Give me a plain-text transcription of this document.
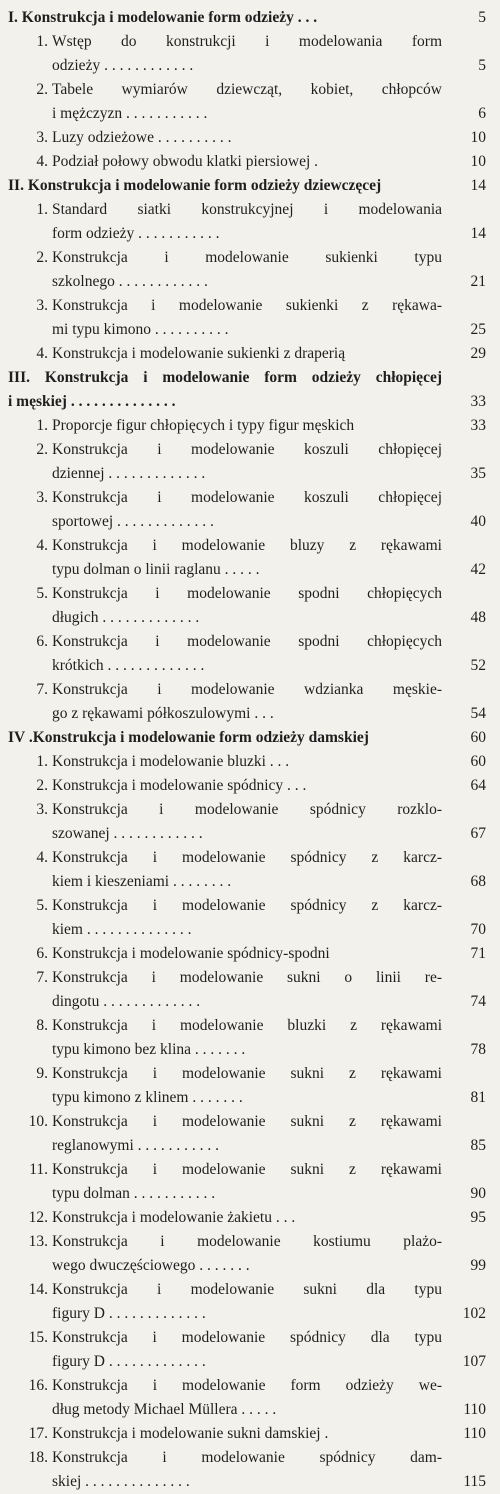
I. Konstrukcja i modelowanie form odzieży . . .	5
1. Wstęp do konstrukcji i modelowania form
odzieży . . . . . . . . . . . .	5
2. Tabele wymiarów dziewcząt, kobiet, chłopców
i mężczyzn . . . . . . . . . . .	6
3. Luzy odzieżowe . . . . . . . . . .	10
4. Podział połowy obwodu klatki piersiowej .	10
II. Konstrukcja i modelowanie form odzieży dziewczęcej	14
1. Standard siatki konstrukcyjnej i modelowania
form odzieży . . . . . . . . . . .	14
2. Konstrukcja i modelowanie sukienki typu
szkolnego . . . . . . . . . . . .	21
3. Konstrukcja i modelowanie sukienki z rękawa-
mi typu kimono . . . . . . . . . .	25
4. Konstrukcja i modelowanie sukienki z draperią	29
III. Konstrukcja i modelowanie form odzieży chłopięcej
i męskiej . . . . . . . . . . . . . .	33
1. Proporcje figur chłopięcych i typy figur męskich	33
2. Konstrukcja i modelowanie koszuli chłopięcej
dziennej . . . . . . . . . . . . .	35
3. Konstrukcja i modelowanie koszuli chłopięcej
sportowej . . . . . . . . . . . . .	40
4. Konstrukcja i modelowanie bluzy z rękawami
typu dolman o linii raglanu . . . . .	42
5. Konstrukcja i modelowanie spodni chłopięcych
długich . . . . . . . . . . . . .	48
6. Konstrukcja i modelowanie spodni chłopięcych
krótkich . . . . . . . . . . . . .	52
7. Konstrukcja i modelowanie wdzianka męskie-
go z rękawami półkoszulowymi . . .	54
IV .Konstrukcja i modelowanie form odzieży damskiej	60
1. Konstrukcja i modelowanie bluzki . . .	60
2. Konstrukcja i modelowanie spódnicy . . .	64
3. Konstrukcja i modelowanie spódnicy rozklo-
szowanej . . . . . . . . . . . .	67
4. Konstrukcja i modelowanie spódnicy z karcz-
kiem i kieszeniami . . . . . . . .	68
5. Konstrukcja i modelowanie spódnicy z karcz-
kiem . . . . . . . . . . . . . .	70
6. Konstrukcja i modelowanie spódnicy-spodni	71
7. Konstrukcja i modelowanie sukni o linii re-
dingotu . . . . . . . . . . . . .	74
8. Konstrukcja i modelowanie bluzki z rękawami
typu kimono bez klina . . . . . . .	78
9. Konstrukcja i modelowanie sukni z rękawami
typu kimono z klinem . . . . . . .	81
10. Konstrukcja i modelowanie sukni z rękawami
reglanowymi . . . . . . . . . . .	85
11. Konstrukcja i modelowanie sukni z rękawami
typu dolman . . . . . . . . . . .	90
12. Konstrukcja i modelowanie żakietu . . .	95
13. Konstrukcja i modelowanie kostiumu plażo-
wego dwuczęściowego . . . . . . .	99
14. Konstrukcja i modelowanie sukni dla typu
figury D . . . . . . . . . . . . .	102
15. Konstrukcja i modelowanie spódnicy dla typu
figury D . . . . . . . . . . . . .	107
16. Konstrukcja i modelowanie form odzieży we-
dług metody Michael Müllera . . . . .	110
17. Konstrukcja i modelowanie sukni damskiej .	110
18. Konstrukcja i modelowanie spódnicy dam-
skiej . . . . . . . . . . . . . .	115
